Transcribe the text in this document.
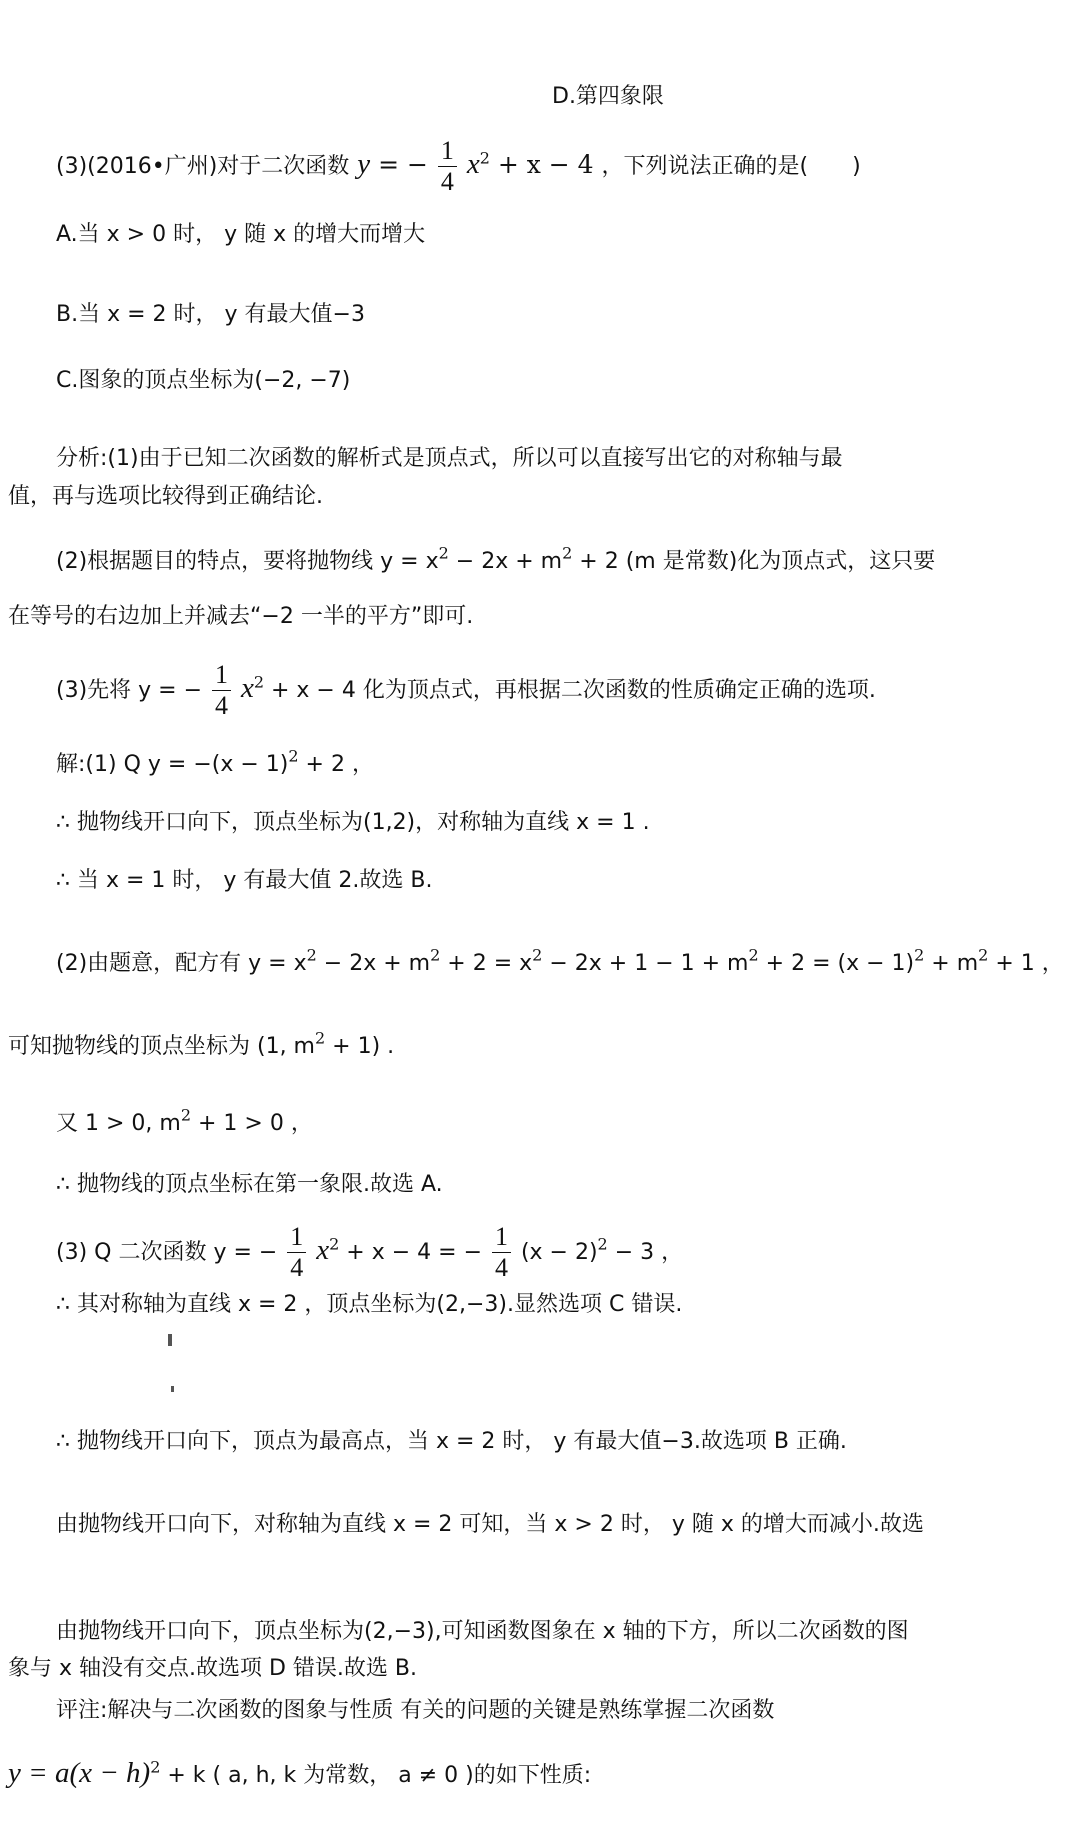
D.第四象限
(3)(2016•广州)对于二次函数 y = − $\frac{1}{4} x^2 + x - 4$ ，下列说法正确的是(　　)
A.当 x > 0 时， y 随 x 的增大而增大
B.当 x = 2 时， y 有最大值−3
C.图象的顶点坐标为(−2, −7)
分析:(1)由于已知二次函数的解析式是顶点式，所以可以直接写出它的对称轴与最
值，再与选项比较得到正确结论.
(2)根据题目的特点，要将抛物线 $y = x^2 - 2x + m^2 + 2$ (m 是常数)化为顶点式，这只要
在等号的右边加上并减去“−2 一半的平方”即可.
(3)先将 y = − $\frac{1}{4} x^2 + x - 4$ 化为顶点式，再根据二次函数的性质确定正确的选项.
解:(1) Q $y = -(x - 1)^2 + 2$ ，
∴ 抛物线开口向下，顶点坐标为(1,2)，对称轴为直线 x = 1 .
∴ 当 x = 1 时， y 有最大值 2.故选 B.
(2)由题意，配方有 $y = x^2 - 2x + m^2 + 2 = x^2 - 2x + 1 - 1 + m^2 + 2 = (x - 1)^2 + m^2 + 1$ ，
可知抛物线的顶点坐标为 (1, $m^2 + 1$) .
又 1 > 0, $m^2 + 1 > 0$ ，
∴ 抛物线的顶点坐标在第一象限.故选 A.
(3) Q 二次函数 y = − $\frac{1}{4} x^2 + x - 4$ = − $\frac{1}{4} (x - 2)^2 - 3$ ，
∴ 其对称轴为直线 x = 2 ，顶点坐标为(2,−3).显然选项 C 错误.
∴ 抛物线开口向下，顶点为最高点，当 x = 2 时， y 有最大值−3.故选项 B 正确.
由抛物线开口向下，对称轴为直线 x = 2 可知，当 x > 2 时， y 随 x 的增大而减小.故选
由抛物线开口向下，顶点坐标为(2,−3),可知函数图象在 x 轴的下方，所以二次函数的图
象与 x 轴没有交点.故选项 D 错误.故选 B.
评注:解决与二次函数的图象与性质 有关的问题的关键是熟练掌握二次函数
$y = a(x - h)^2 + k$ ( a, h, k 为常数， a ≠ 0 )的如下性质:
